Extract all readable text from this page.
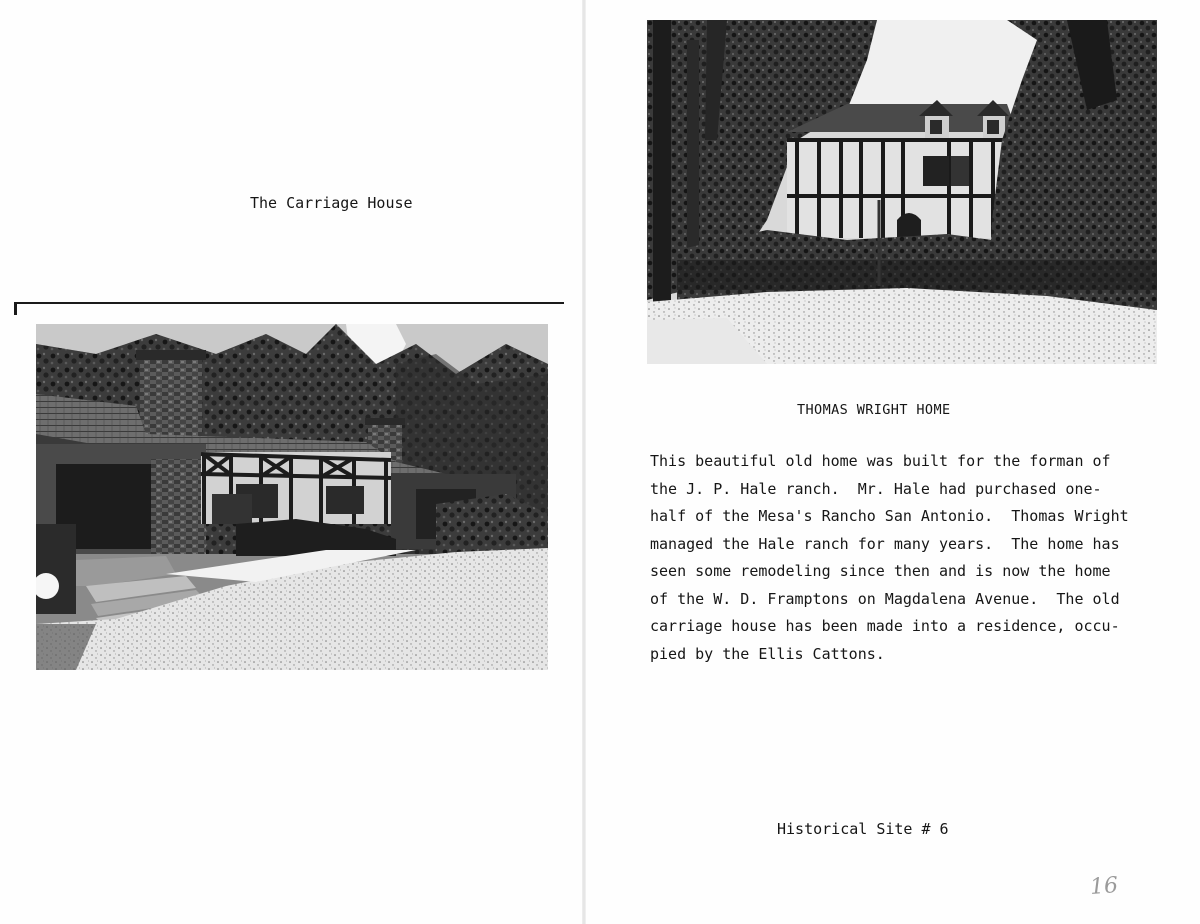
The Carriage House
THOMAS WRIGHT HOME
This beautiful old home was built for the forman of
the J. P. Hale ranch.  Mr. Hale had purchased one-
half of the Mesa's Rancho San Antonio.  Thomas Wright
managed the Hale ranch for many years.  The home has
seen some remodeling since then and is now the home
of the W. D. Framptons on Magdalena Avenue.  The old
carriage house has been made into a residence, occu-
pied by the Ellis Cattons.
Historical Site # 6
16
